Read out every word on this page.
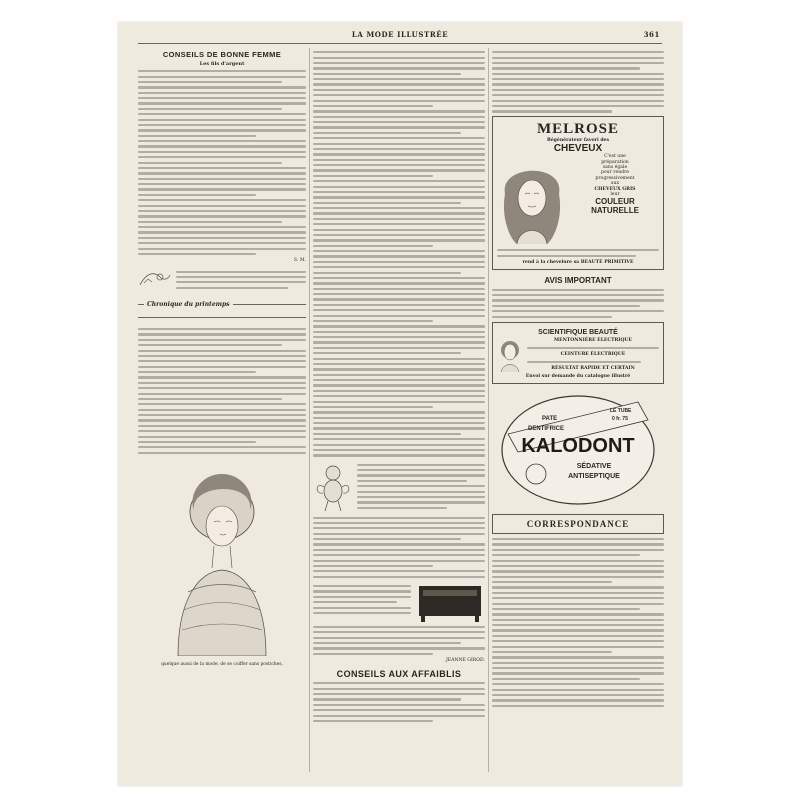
LA MODE ILLUSTRÉE	361
CONSEILS DE BONNE FEMME
Les fils d'argent
S. M.
Chronique du printemps
quelque aussi de la mode, de se coiffer sans postiches,
JEANNE GIROD.
CONSEILS AUX AFFAIBLIS
MELROSE
Régénérateur favori des
CHEVEUX
C'est une
préparation
sans égale
pour rendre
progressivement
aux
CHEVEUX GRIS
leur
COULEUR
NATURELLE
rend à la chevelure sa BEAUTÉ PRIMITIVE
AVIS IMPORTANT
SCIENTIFIQUE BEAUTÉ
MENTONNIÈRE ÉLECTRIQUE
CEINTURE ÉLECTRIQUE
RÉSULTAT RAPIDE ET CERTAIN
Envoi sur demande du catalogue illustré
PATE
DENTIFRICE
LE TUBE
0 fr. 75
KALODONT
SÉDATIVE
ANTISEPTIQUE
CORRESPONDANCE
